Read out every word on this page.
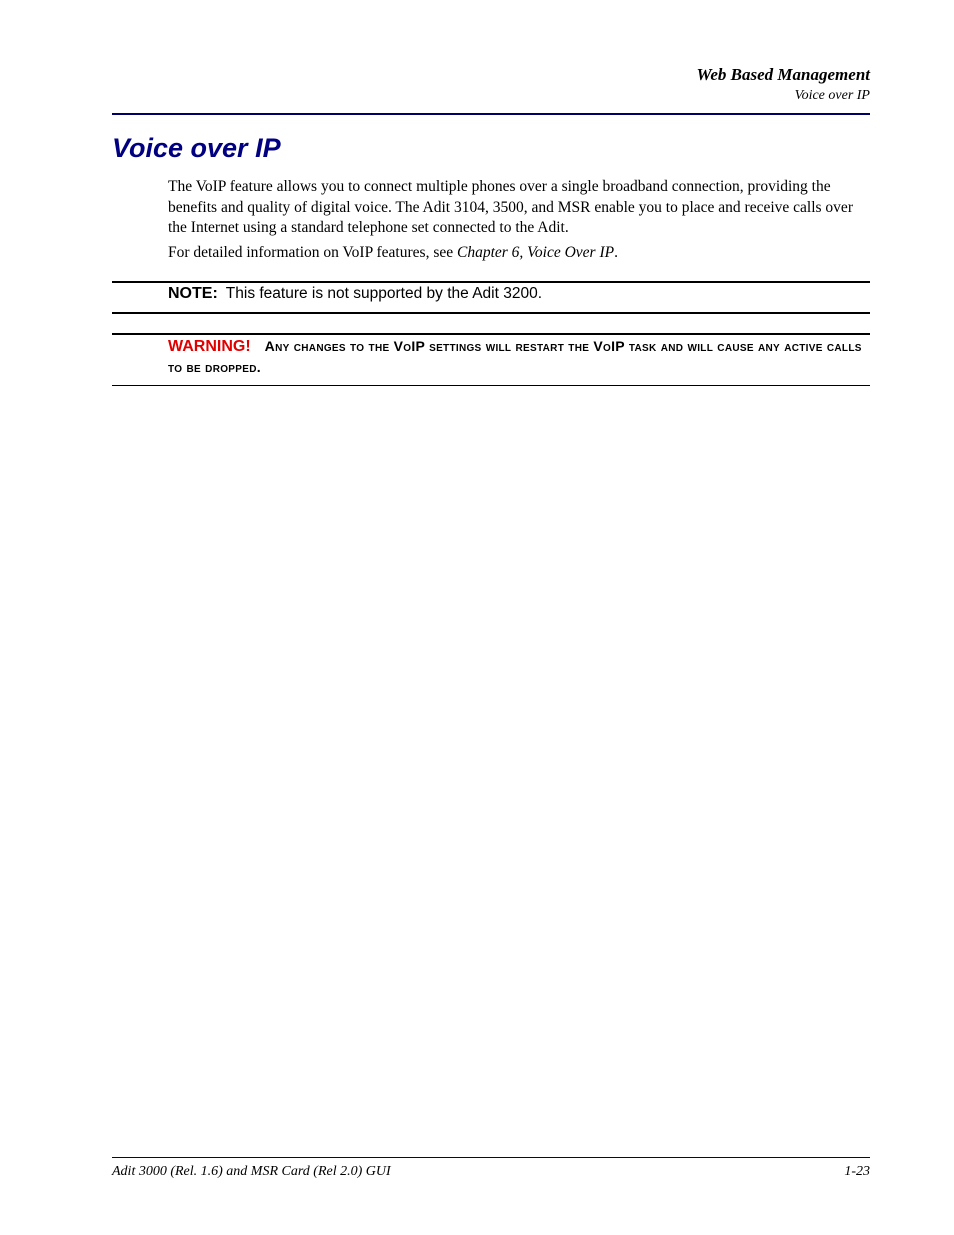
Web Based Management
Voice over IP
Voice over IP

The VoIP feature allows you to connect multiple phones over a single broadband connection, providing the benefits and quality of digital voice. The Adit 3104, 3500, and MSR enable you to place and receive calls over the Internet using a standard telephone set connected to the Adit.

For detailed information on VoIP features, see Chapter 6, Voice Over IP.

NOTE: This feature is not supported by the Adit 3200.
WARNING! Any changes to the VoIP settings will restart the VoIP task and will cause any active calls to be dropped.
Adit 3000 (Rel. 1.6) and MSR Card (Rel 2.0) GUI	1-23
